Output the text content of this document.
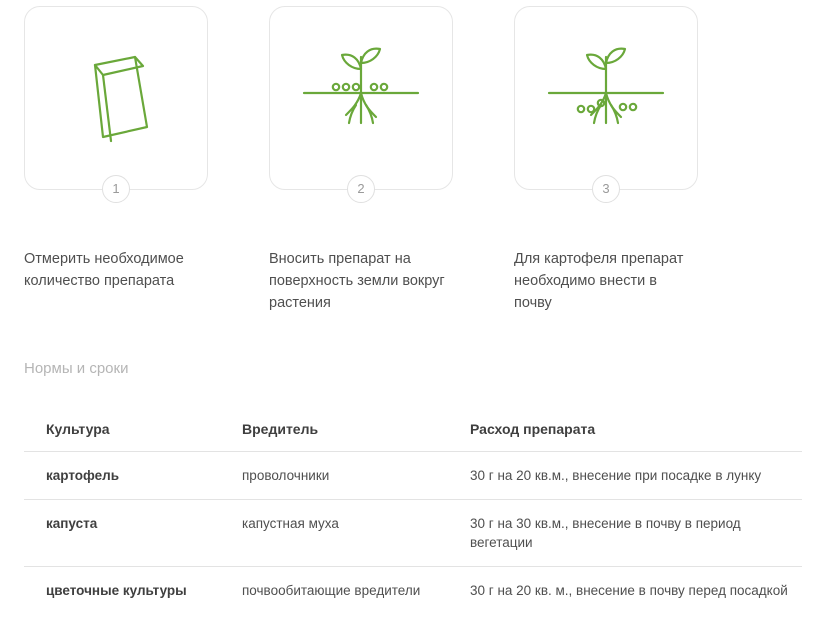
1
Отмерить необходимое количество препарата
2
Вносить препарат на поверхность земли вокруг растения
3
Для картофеля препарат необходимо внести в почву
Нормы и сроки
Культура	Вредитель	Расход препарата
картофель	проволочники	30 г на 20 кв.м., внесение при посадке в лунку
капуста	капустная муха	30 г на 30 кв.м., внесение в почву в период вегетации
цветочные культуры	почвообитающие вредители	30 г на 20 кв. м., внесение в почву перед посадкой
